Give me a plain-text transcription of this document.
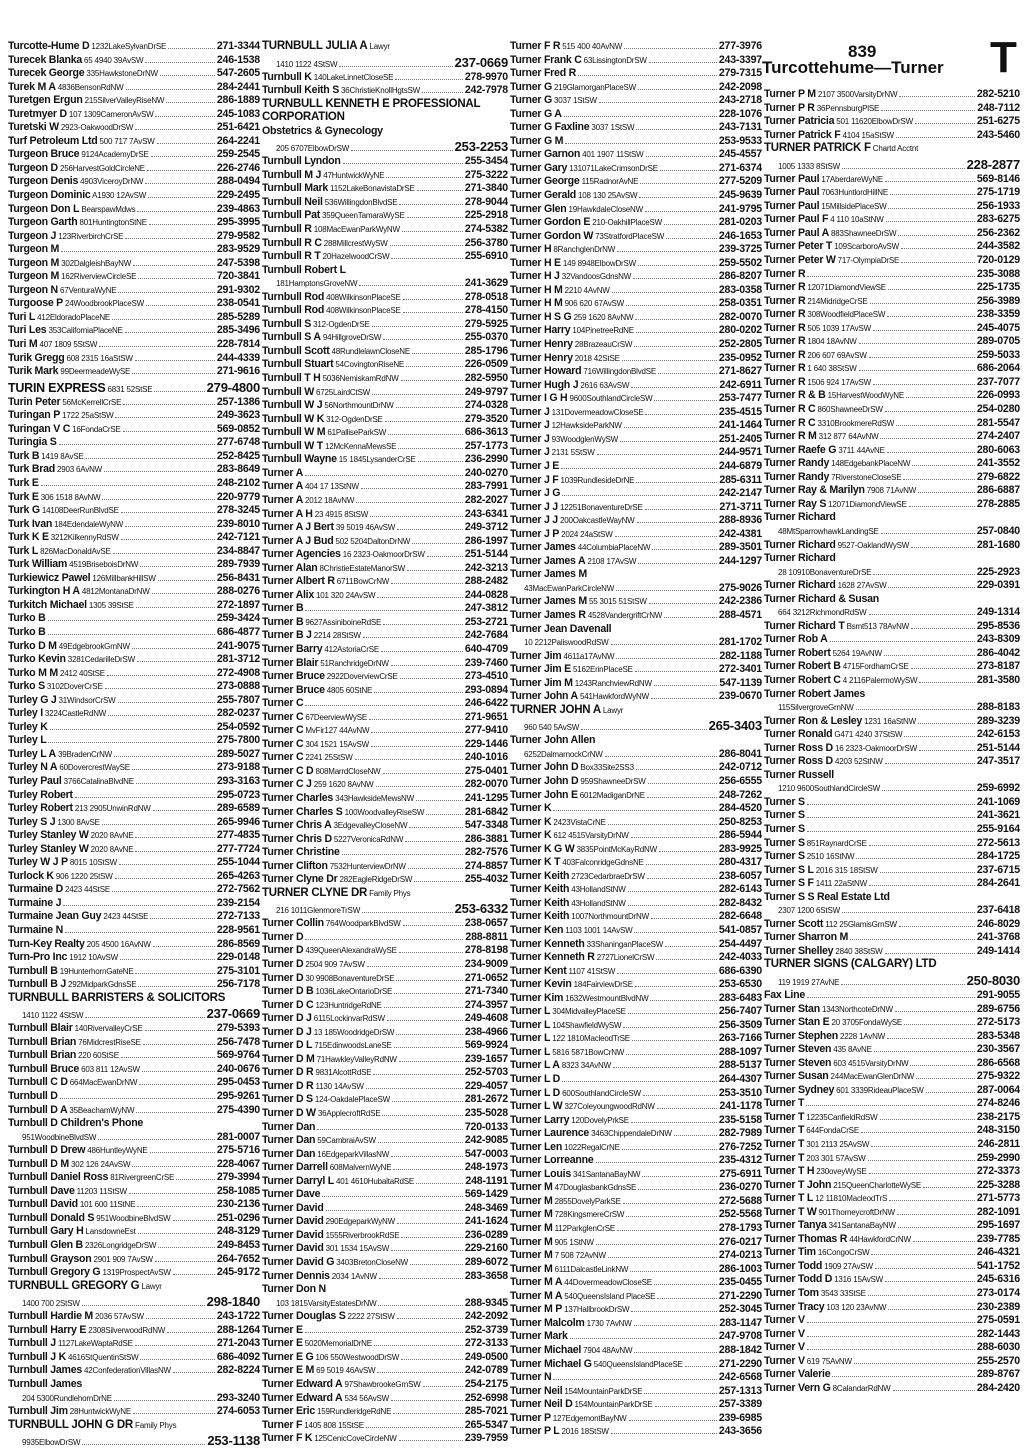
Turcottehume—Turner
839	T
Turcotte-Hume D 1232LakeSylvanDrSE	271-3344
Turecek Blanka 65 4940 39AvSW	246-1538
Turecek George 335HawkstoneDrNW	547-2605
Turek M A 4836BensonRdNW	284-2441
Turetgen Ergun 215SilverValleyRiseNW	286-1889
Turetmyer D 107 1309CameronAvSW	245-1083
Turetski W 2923-OakwoodDrSW	251-6421
Turf Petroleum Ltd 500 717 7AvSW	264-2241
Turgeon Bruce 9124AcademyDrSE	259-2545
Turgeon D 256HarvestGoldCircleNE	226-2746
Turgeon Denis 4903ViceroyDrNW	288-0494
Turgeon Dominic A1930 12AvSW	229-2495
Turgeon Don L BearspawMdws	239-4863
Turgeon Garth 801HuntingtonStNE	295-3995
Turgeon J 123RiverbirchCrSE	279-9582
Turgeon M	283-9529
Turgeon M 302DalgleishBayNW	247-5398
Turgeon M 162RiverviewCircleSE	720-3841
Turgeon N 67VenturaWyNE	291-9302
Turgoose P 24WoodbrookPlaceSW	238-0541
Turi L 412EldoradoPlaceNE	285-5289
Turi Les 353CaliforniaPlaceNE	285-3496
Turi M 407 1809 5StSW	228-7814
Turik Gregg 608 2315 16aStSW	244-4339
Turik Mark 99DeermeadeWySE	271-9616
TURIN EXPRESS 6831 52StSE	279-4800
Turin Peter 56McKerrellCrSE	257-1386
Turingan P 1722 25aStSW	249-3623
Turingan V C 16FondaCrSE	569-0852
Turingia S	277-6748
Turk B 1419 8AvSE	252-8425
Turk Brad 2903 6AvNW	283-8649
Turk E	248-2102
Turk E 306 1518 8AvNW	220-9779
Turk G 14108DeerRunBlvdSE	278-3245
Turk Ivan 184EdendaleWyNW	239-8010
Turk K E 3212KilkennyRdSW	242-7121
Turk L 826MacDonaldAvSE	234-8847
Turk William 4519BriseboisDrNW	289-7939
Turkiewicz Pawel 126MillbankHillSW	256-8431
Turkington H A 4812MontanaDrNW	288-0276
Turkitch Michael 1305 39StSE	272-1897
Turko B	259-3424
Turko B	686-4877
Turko D M 49EdgebrookGrnNW	241-9075
Turko Kevin 3281CedarilleDrSW	281-3712
Turko M M 2412 40StSE	272-4908
Turko S 3102DoverCrSE	273-0888
Turley G J 31WindsorCrSW	255-7807
Turley I 3224CastleRdNW	282-0237
Turley K	254-0592
Turley L	275-7800
Turley L A 39BradenCrNW	289-5027
Turley N A 60DovercrestWaySE	273-9188
Turley Paul 3766CatalinaBlvdNE	293-3163
Turley Robert	295-0723
Turley Robert 213 2905UnwinRdNW	289-6589
Turley S J 1300 8AvSE	265-9946
Turley Stanley W 2020 8AvNE	277-4835
Turley Stanley W 2020 8AvNE	277-7724
Turley W J P 8015 10StSW	255-1044
Turlock K 906 1220 25tSW	265-4263
Turmaine D 2423 44StSE	272-7562
Turmaine J	239-2154
Turmaine Jean Guy 2423 44StSE	272-7133
Turmaine N	228-9561
Turn-Key Realty 205 4500 16AvNW	286-8569
Turn-Pro Inc 1912 10AvSW	229-0148
Turnbull B 19HunterhornGateNE	275-3101
Turnbull B J 292MidparkGdnsSE	256-7178
TURNBULL BARRISTERS & SOLICITORS
1410 1122 4StSW	237-0669
Turnbull Blair 140RivervalleyCrSE	279-5393
Turnbull Brian 76MidcrestRiseSE	256-7478
Turnbull Brian 220 60StSE	569-9764
Turnbull Bruce 603 811 12AvSW	240-0676
Turnbull C D 664MacEwanDrNW	295-0453
Turnbull D	295-9261
Turnbull D A 35BeachamWyNW	275-4390
Turnbull D Children's Phone
951WoodbineBlvdSW	281-0007
Turnbull D Drew 486HuntleyWyNE	275-5716
Turnbull D M 302 126 24AvSW	228-4067
Turnbull Daniel Ross 81RivergreenCrSE	279-3994
Turnbull Dave 11203 11StSW	258-1085
Turnbull David 101 600 11StNE	230-2136
Turnbull Donald S 951WoodbineBlvdSW	251-0296
Turnbull Gary H LansdowneEst	248-3129
Turnbull Glen B 2326LongridgeDrSW	249-8453
Turnbull Grayson 2901 909 7AvSW	264-7652
Turnbull Gregory G 1319ProspectAvSW	245-9172
TURNBULL GREGORY G Lawyr
1400 700 2StSW	298-1840
Turnbull Hardie M 2036 57AvSW	243-1722
Turnbull Harry E 2308SilverwoodRdNW	288-1264
Turnbull J 1127LakeWaptaRdSE	271-2043
Turnbull J K 4616StQuentinStSW	686-4092
Turnbull James 42ConfederationVillasNW	282-8224
Turnbull James
204 5300RundlehornDrNE	293-3240
Turnbull Jim 28HuntwickWyNE	274-6053
TURNBULL JOHN G DR Family Phys
9935ElbowDrSW	253-1138
TURNBULL JULIA A Lawyr
1410 1122 4StSW	237-0669
Turnbull K 140LakeLinnetCloseSE	278-9970
Turnbull Keith S 36ChristieKnollHgtsSW	242-7978
TURNBULL KENNETH E PROFESSIONAL
CORPORATION
Obstetrics & Gynecology
205 6707ElbowDrSW	253-2253
Turnbull Lyndon	255-3454
Turnbull M J 47HuntwickWyNE	275-3222
Turnbull Mark 1152LakeBonavistaDrSE	271-3840
Turnbull Neil 536WillingdonBlvdSE	278-9044
Turnbull Pat 359QueenTamaraWySE	225-2918
Turnbull R 108MacEwanParkWyNW	274-5382
Turnbull R C 288MillcrestWySW	256-3780
Turnbull R T 20HazelwoodCrSW	255-6910
Turnbull Robert L
181HamptonsGroveNW	241-3629
Turnbull Rod 408WilkinsonPlaceSE	278-0518
Turnbull Rod 408WilkinsonPlaceSE	278-4150
Turnbull S 312-OgdenDrSE	279-5925
Turnbull S A 94HillgroveDrSW	255-0370
Turnbull Scott 48RundlelawnCloseNE	285-1796
Turnbull Stuart 54CovingtonRiseNE	226-0509
Turnbull T H 5036NemiskamRdNW	282-5950
Turnbull W 6725LairdCtSW	249-9797
Turnbull W J 56NorthmountDrNW	274-0328
Turnbull W K 312-OgdenDrSE	279-3520
Turnbull W M 61PalliseParkSW	686-3613
Turnbull W T 12McKennaMewsSE	257-1773
Turnbull Wayne 15 1845LysanderCrSE	236-2990
Turner A	240-0270
Turner A 404 17 13StNW	283-7991
Turner A 2012 18AvNW	282-2027
Turner A H 23 4915 8StSW	243-6341
Turner A J Bert 39 5019 46AvSW	249-3712
Turner A J Bud 502 5204DaltonDrNW	286-1997
Turner Agencies 16 2323-OakmoorDrSW	251-5144
Turner Alan 8ChristieEstateManorSW	242-3213
Turner Albert R 6711BowCrNW	288-2482
Turner Alix 101 320 24AvSW	244-0828
Turner B	247-3812
Turner B 9627AssiniboineRdSE	253-2721
Turner B J 2214 28StSW	242-7684
Turner Barry 412AstoriaCrSE	640-4709
Turner Blair 51RanchridgeDrNW	239-7460
Turner Bruce 2922DoverviewCrSE	273-4510
Turner Bruce 4805 60StNE	293-0894
Turner C	246-6422
Turner C 67DeerviewWySE	271-9651
Turner C MvFir127 44AvNW	277-9410
Turner C 304 1521 15AvSW	229-1446
Turner C 2241 25StSW	240-1016
Turner C D 808MarrdCloseNW	275-0401
Turner C J 259 1620 8AvNW	282-0070
Turner Charles 343HawksideMewsNW	241-1295
Turner Charles S 100WoodvalleyRiseSW	281-6842
Turner Chris A 3EdgevalleyCloseNW	547-3348
Turner Chris D 5227VeronicaRdNW	286-3881
Turner Christine	282-7576
Turner Clifton 7532HunterviewDrNW	274-8857
Turner Clyne Dr 282EagleRidgeDrSW	255-4032
TURNER CLYNE DR Family Phys
216 1011GlenmoreTrSW	253-6332
Turner Collin 764WoodparkBlvdSW	238-0657
Turner D	288-8811
Turner D 439QueenAlexandraWySE	278-8198
Turner D 2504 909 7AvSW	234-9009
Turner D 30 9908BonaventureDrSE	271-0652
Turner D B 1036LakeOntarioDrSE	271-7340
Turner D C 123HuntridgeRdNE	274-3957
Turner D J 6115LockinvarRdSW	249-4608
Turner D J 13 185WoodridgeDrSW	238-4966
Turner D L 715EdinwoodsLaneSE	569-9924
Turner D M 71HawkleyValleyRdNW	239-1657
Turner D R 9831AlcottRdSE	252-5703
Turner D R 1130 14AvSW	229-4057
Turner D S 124-OakdalePlaceSW	281-2672
Turner D W 36ApplecroftRdSE	235-5028
Turner Dan	720-0133
Turner Dan 59CambraiAvSW	242-9085
Turner Dan 16EdgeparkVillasNW	547-0003
Turner Darrell 608MalvernWyNE	248-1973
Turner Darryl L 401 4610HubaltaRdSE	248-1191
Turner Dave	569-1429
Turner David	248-3469
Turner David 290EdgeparkWyNW	241-1624
Turner David 1555RiverbrookRdSE	236-0289
Turner David 301 1534 15AvSW	229-2160
Turner David G 3403BretonCloseNW	289-6072
Turner Dennis 2034 1AvNW	283-3658
Turner Don N
103 1815VarsityEstatesDrNW	288-9345
Turner Douglas S 2222 27StSW	242-2092
Turner E	252-3739
Turner E 5020MemorialDrNE	272-3133
Turner E G 106 550WestwoodDrSW	249-0500
Turner E M 69 5019 46AvSW	242-0789
Turner Edward A 97ShawbrookeGrnSW	254-2175
Turner Edward A 534 56AvSW	252-6998
Turner Eric 159RundleridgeRdNE	285-7021
Turner F 1405 808 15StSE	265-5347
Turner F K 125CenicCoveCircleNW	239-7959
Turner F R 515 400 40AvNW	277-3976
Turner Frank C 63LissingtonDrSW	243-3397
Turner Fred R	279-7315
Turner G 219GlamorganPlaceSW	242-2098
Turner G 3037 1StSW	243-2718
Turner G A	228-1076
Turner G Faxline 3037 1StSW	243-7131
Turner G M	253-9533
Turner Garnon 401 1907 11StSW	245-4557
Turner Gary 131071LakeCrimsonDrSE	271-6374
Turner George 115RadnorAvNE	277-5209
Turner Gerald 108 130 25AvSW	245-9639
Turner Glen 19HawkdaleCloseNW	241-9795
Turner Gordon E 210-OakhillPlaceSW	281-0203
Turner Gordon W 73StratfordPlaceSW	246-1653
Turner H 8RanchglenDrNW	239-3725
Turner H E 149 8948ElbowDrSW	259-5502
Turner H J 32VandoosGdnsNW	286-8207
Turner H M 2210 4AvNW	283-0358
Turner H M 906 620 67AvSW	258-0351
Turner H S G 259 1620 8AvNW	282-0070
Turner Harry 104PinetreeRdNE	280-0202
Turner Henry 28BrazeauCrSW	252-2805
Turner Henry 2018 42StSE	235-0952
Turner Howard 716WillingdonBlvdSE	271-8627
Turner Hugh J 2616 63AvSW	242-6911
Turner I G H 9600SouthlandCircleSW	253-7477
Turner J 131DovermeadowCloseSE	235-4515
Turner J 12HawksideParkNW	241-1464
Turner J 93WoodglenWySW	251-2405
Turner J 2131 5StSW	244-9571
Turner J E	244-6879
Turner J F 1039RundlesideDrNE	285-6311
Turner J G	242-2147
Turner J J 12251BonaventureDrSE	271-3711
Turner J J 200OakcastleWayNW	288-8936
Turner J P 2024 24aStSW	242-4381
Turner James 44ColumbiaPlaceNW	289-3501
Turner James A 2108 17AvSW	244-1297
Turner James M
43MacEwanParkCircleNW	275-9026
Turner James M 55 3015 51StSW	242-2386
Turner James R 4528VandergriftCrNW	288-4571
Turner Jean Davenall
10 2212PaliswoodRdSW	281-1702
Turner Jim 4611a17AvNW	282-1188
Turner Jim E 5162ErinPlaceSE	272-3401
Turner Jim M 1243RanchviewRdNW	547-1139
Turner John A 541HawkfordWyNW	239-0670
TURNER JOHN A Lawyr
960 540 5AvSW	265-3403
Turner John Allen
6252DalmarnockCrNW	286-8041
Turner John D Box33Site2SS3	242-0712
Turner John D 959ShawneeDrSW	256-6555
Turner John E 6012MadiganDrNE	248-7262
Turner K	284-4520
Turner K 2423VistaCrNE	250-8253
Turner K 612 4515VarsityDrNW	286-5944
Turner K G W 3835PointMcKayRdNW	283-9925
Turner K T 403FalconridgeGdnsNE	280-4317
Turner Keith 2723CedarbraeDrSW	238-6057
Turner Keith 43HollandStNW	282-6143
Turner Keith 43HollandStNW	282-8432
Turner Keith 1007NorthmountDrNW	282-6648
Turner Ken 1103 1001 14AvSW	541-0857
Turner Kenneth 33ShaninganPlaceSW	254-4497
Turner Kenneth R 2727LionelCrSW	242-4033
Turner Kent 1107 41StSW	686-6390
Turner Kevin 184FairviewDrSE	253-6530
Turner Kim 1632WestmountBlvdNW	283-6483
Turner L 304MidvalleyPlaceSE	256-7407
Turner L 104ShawfieldWySW	256-3509
Turner L 122 1810MacleodTrSE	263-7166
Turner L 5816 5871BowCrNW	288-1097
Turner L A 8323 34AvNW	288-5137
Turner L D	264-4307
Turner L D 600SouthlandCircleSW	253-3510
Turner L W 327ColeyoungwoodRdNW	241-1178
Turner Larry 120DovelyPrkSE	235-5158
Turner Laurence 3463ChippendaleDrNW	282-7989
Turner Len 1022RegalCrNE	276-7252
Turner Lorreanne	235-4312
Turner Louis 341SantanaBayNW	275-6911
Turner M 47DouglasbankGdnsSE	236-0270
Turner M 2855DovelyParkSE	272-5688
Turner M 728KingsmereCrSW	252-5568
Turner M 112ParkglenCrSE	278-1793
Turner M 905 1StNW	276-0217
Turner M 7 508 72AvNW	274-0213
Turner M 6111DalcastleLinkNW	286-1003
Turner M A 44DovermeadowCloseSE	235-0455
Turner M A 540QueensIsland PlaceSE	271-2290
Turner M P 137HallbrookDrSW	252-3045
Turner Malcolm 1730 7AvNW	283-1147
Turner Mark	247-9708
Turner Michael 7904 48AvNW	288-1842
Turner Michael G 540QueensIslandPlaceSE	271-2290
Turner N	242-6568
Turner Neil 154MountainParkDrSE	257-1313
Turner Neil D 154MountainParkDrSE	257-3389
Turner P 127EdgemontBayNW	239-6985
Turner P L 2016 18StSW	243-3656
Turner P M 2107 3500VarsityDrNW	282-5210
Turner P R 36PennsburgPlSE	248-7112
Turner Patricia 501 11620ElbowDrSW	251-6275
Turner Patrick F 4104 15aStSW	243-5460
TURNER PATRICK F Chartd Acctnt
1005 1333 8StSW	228-2877
Turner Paul 17AberdareWyNE	569-8146
Turner Paul 7063HuntlordHillNE	275-1719
Turner Paul 15MillsidePlaceSW	256-1933
Turner Paul F 4 110 10aStNW	283-6275
Turner Paul A 883ShawneeDrSW	256-2362
Turner Peter T 109ScarboroAvSW	244-3582
Turner Peter W 717-OlympiaDrSE	720-0129
Turner R	235-3088
Turner R 12071DiamondViewSE	225-1735
Turner R 214MidridgeCrSE	256-3989
Turner R 308WoodfieldPlaceSW	238-3359
Turner R 505 1039 17AvSW	245-4075
Turner R 1804 18AvNW	289-0705
Turner R 206 607 69AvSW	259-5033
Turner R 1 640 38StSW	686-2064
Turner R 1506 924 17AvSW	237-7077
Turner R & B 15HarvestWoodWyNE	226-0993
Turner R C 860ShawneeDrSW	254-0280
Turner R C 3310BrookmereRdSW	281-5547
Turner R M 312 877 64AvNW	274-2407
Turner Raefe G 3711 44AvNE	280-6063
Turner Randy 148EdgebankPlaceNW	241-3552
Turner Randy 7RiverstoneCloseSE	279-6822
Turner Ray & Marilyn 7908 71AvNW	286-6887
Turner Ray S 12071DiamondViewSE	278-2885
Turner Richard
48MtSparrowhawkLandingSE	257-0840
Turner Richard 9527-OaklandWySW	281-1680
Turner Richard
28 10910BonaventureDrSE	225-2923
Turner Richard 1628 27AvSW	229-0391
Turner Richard & Susan
664 3212RichmondRdSW	249-1314
Turner Richard T Bsmt513 78AvNW	295-8536
Turner Rob A	243-8309
Turner Robert 5264 19AvNW	286-4042
Turner Robert B 4715FordhamCrSE	273-8187
Turner Robert C 4 2116PalermoWySW	281-3580
Turner Robert James
115SilvergroveGrnNW	288-8183
Turner Ron & Lesley 1231 16aStNW	289-3239
Turner Ronald G471 4240 37StSW	242-6153
Turner Ross D 16 2323-OakmoorDrSW	251-5144
Turner Ross D 4203 52StNW	247-3517
Turner Russell
1210 9600SouthlandCircleSW	259-6992
Turner S	241-1069
Turner S	241-3621
Turner S	255-9164
Turner S 851RaynardCrSE	272-5613
Turner S 2510 16StNW	284-1725
Turner S L 2016 315 18StSW	237-6715
Turner S F 1411 22aStNW	284-2641
Turner S S Real Estate Ltd
2307 1200 6StSW	237-6418
Turner Scott 112 25GlamisGrnSW	246-8029
Turner Sharron M	241-3768
Turner Shelley 2840 38StSW	249-1414
TURNER SIGNS (CALGARY) LTD
119 1919 27AvNE	250-8030
Fax Line	291-9055
Turner Stan 1343NorthcoteDrNW	289-6756
Turner Stan E 20 3705FondaWySE	272-5173
Turner Stephen 2228 1AvNW	283-5348
Turner Steven 435 8AvNE	230-3567
Turner Steven 603 4515VarsityDrNW	286-6568
Turner Susan 244MacEwanGlenDrNW	275-9322
Turner Sydney 601 3339RideauPlaceSW	287-0064
Turner T	274-8246
Turner T 12235CanfieldRdSW	238-2175
Turner T 644FondaCrSE	248-3150
Turner T 301 2113 25AvSW	246-2811
Turner T 203 301 57AvSW	259-2990
Turner T H 230oveyWySE	272-3373
Turner T John 215QueenCharlotteWySE	225-3288
Turner T L 12 11810MacleodTrS	271-5773
Turner T W 901ThorneycroftDrNW	282-1091
Turner Tanya 341SantanaBayNW	295-1697
Turner Thomas R 44HawkfordCrNW	239-7785
Turner Tim 16CongoCrSW	246-4321
Turner Todd 1909 27AvSW	541-1752
Turner Todd D 1316 15AvSW	245-6316
Turner Tom 3543 33StSE	273-0174
Turner Tracy 103 120 23AvNW	230-2389
Turner V	275-0591
Turner V	282-1443
Turner V	288-6030
Turner V 619 75AvNW	255-2570
Turner Valerie	289-8767
Turner Vern G 8CalandarRdNW	284-2420
